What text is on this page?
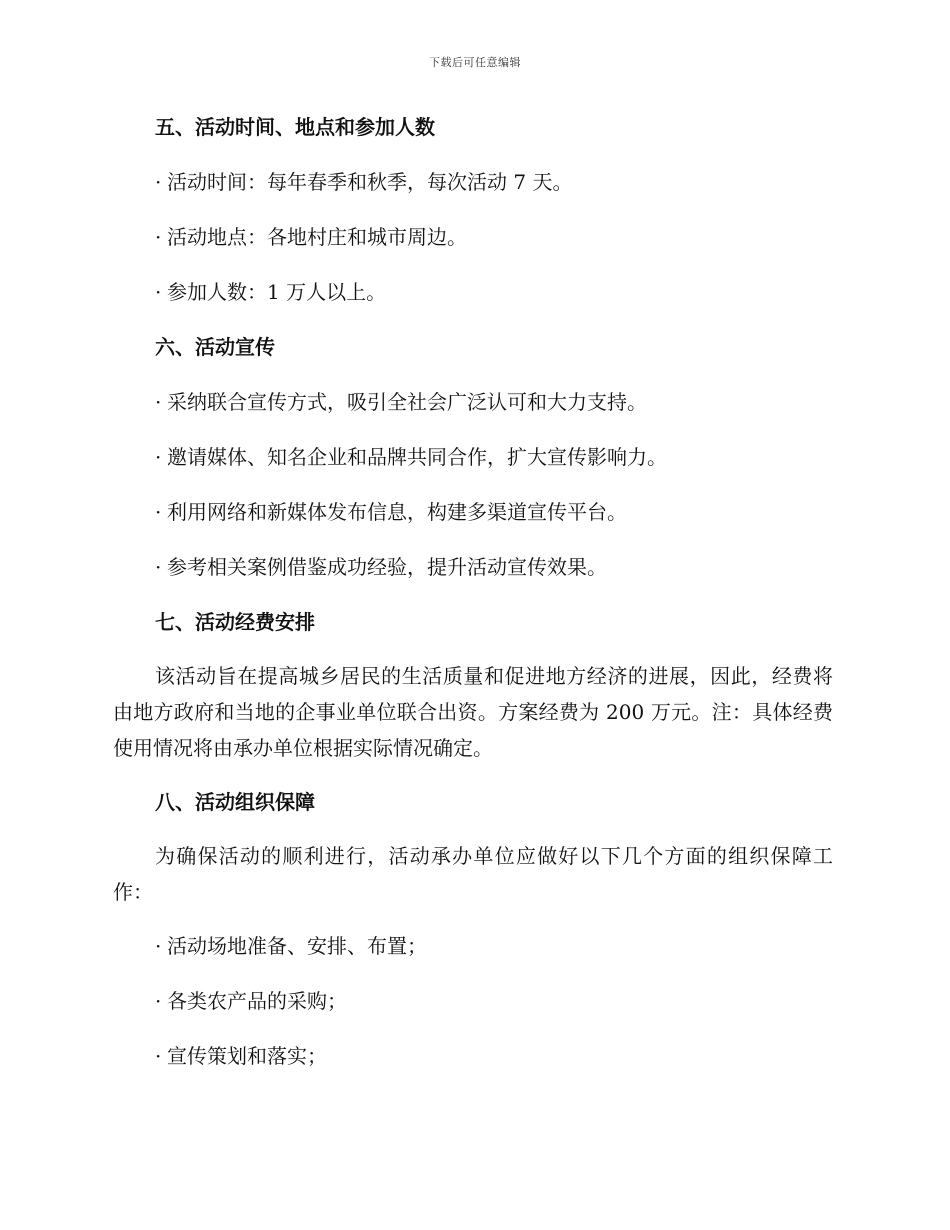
下载后可任意编辑
五、活动时间、地点和参加人数
· 活动时间：每年春季和秋季，每次活动 7 天。
· 活动地点：各地村庄和城市周边。
· 参加人数：1 万人以上。
六、活动宣传
· 采纳联合宣传方式，吸引全社会广泛认可和大力支持。
· 邀请媒体、知名企业和品牌共同合作，扩大宣传影响力。
· 利用网络和新媒体发布信息，构建多渠道宣传平台。
· 参考相关案例借鉴成功经验，提升活动宣传效果。
七、活动经费安排
该活动旨在提高城乡居民的生活质量和促进地方经济的进展，因此，经费将由地方政府和当地的企事业单位联合出资。方案经费为 200 万元。注：具体经费使用情况将由承办单位根据实际情况确定。
八、活动组织保障
为确保活动的顺利进行，活动承办单位应做好以下几个方面的组织保障工作：
· 活动场地准备、安排、布置；
· 各类农产品的采购；
· 宣传策划和落实；
